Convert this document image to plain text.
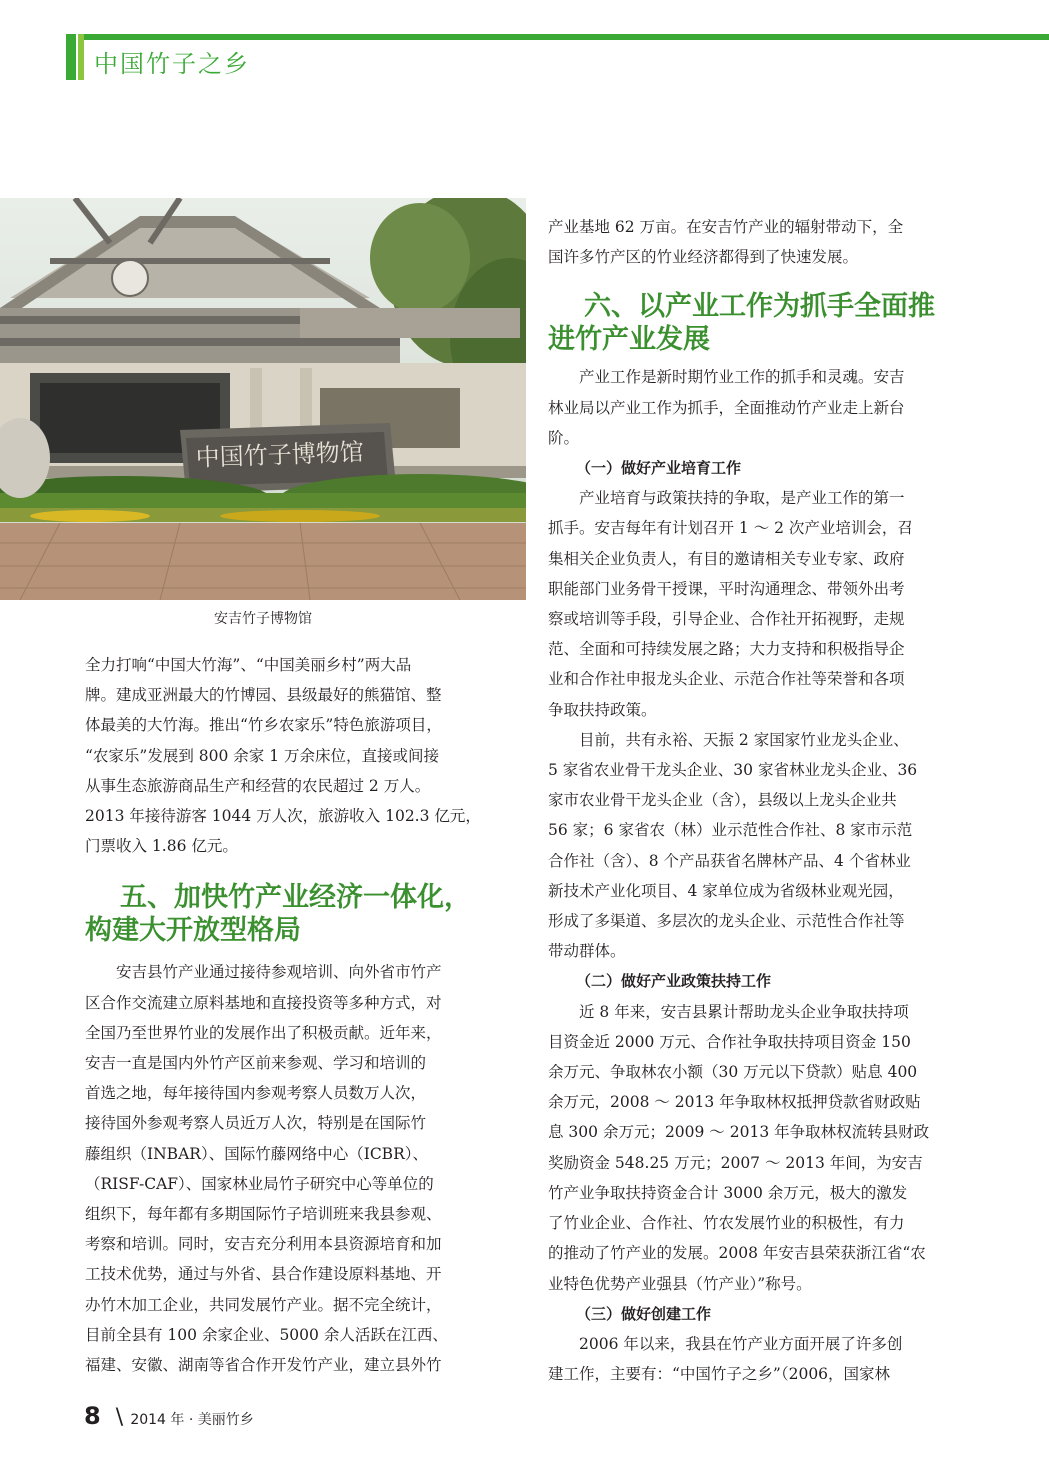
中国竹子之乡
中国竹子博物馆
安吉竹子博物馆

全力打响“中国大竹海”、“中国美丽乡村”两大品

牌。建成亚洲最大的竹博园、县级最好的熊猫馆、整

体最美的大竹海。推出“竹乡农家乐”特色旅游项目，

“农家乐”发展到 800 余家 1 万余床位，直接或间接

从事生态旅游商品生产和经营的农民超过 2 万人。

2013 年接待游客 1044 万人次，旅游收入 102.3 亿元，

门票收入 1.86 亿元。

五、加快竹产业经济一体化，
构建大开放型格局

安吉县竹产业通过接待参观培训、向外省市竹产

区合作交流建立原料基地和直接投资等多种方式，对

全国乃至世界竹业的发展作出了积极贡献。近年来，

安吉一直是国内外竹产区前来参观、学习和培训的

首选之地，每年接待国内参观考察人员数万人次，

接待国外参观考察人员近万人次，特别是在国际竹

藤组织（INBAR）、国际竹藤网络中心（ICBR）、

（RISF-CAF）、国家林业局竹子研究中心等单位的

组织下，每年都有多期国际竹子培训班来我县参观、

考察和培训。同时，安吉充分利用本县资源培育和加

工技术优势，通过与外省、县合作建设原料基地、开

办竹木加工企业，共同发展竹产业。据不完全统计，

目前全县有 100 余家企业、5000 余人活跃在江西、

福建、安徽、湖南等省合作开发竹产业，建立县外竹

产业基地 62 万亩。在安吉竹产业的辐射带动下，全

国许多竹产区的竹业经济都得到了快速发展。

六、以产业工作为抓手全面推
进竹产业发展

产业工作是新时期竹业工作的抓手和灵魂。安吉

林业局以产业工作为抓手，全面推动竹产业走上新台

阶。

（一）做好产业培育工作

产业培育与政策扶持的争取，是产业工作的第一

抓手。安吉每年有计划召开 1 ～ 2 次产业培训会，召

集相关企业负责人，有目的邀请相关专业专家、政府

职能部门业务骨干授课，平时沟通理念、带领外出考

察或培训等手段，引导企业、合作社开拓视野，走规

范、全面和可持续发展之路；大力支持和积极指导企

业和合作社申报龙头企业、示范合作社等荣誉和各项

争取扶持政策。

目前，共有永裕、天振 2 家国家竹业龙头企业、

5 家省农业骨干龙头企业、30 家省林业龙头企业、36

家市农业骨干龙头企业（含），县级以上龙头企业共

56 家；6 家省农（林）业示范性合作社、8 家市示范

合作社（含）、8 个产品获省名牌林产品、4 个省林业

新技术产业化项目、4 家单位成为省级林业观光园，

形成了多渠道、多层次的龙头企业、示范性合作社等

带动群体。

（二）做好产业政策扶持工作

近 8 年来，安吉县累计帮助龙头企业争取扶持项

目资金近 2000 万元、合作社争取扶持项目资金 150

余万元、争取林农小额（30 万元以下贷款）贴息 400

余万元，2008 ～ 2013 年争取林权抵押贷款省财政贴

息 300 余万元；2009 ～ 2013 年争取林权流转县财政

奖励资金 548.25 万元；2007 ～ 2013 年间，为安吉

竹产业争取扶持资金合计 3000 余万元，极大的激发

了竹业企业、合作社、竹农发展竹业的积极性，有力

的推动了竹产业的发展。2008 年安吉县荣获浙江省“农

业特色优势产业强县（竹产业）”称号。

（三）做好创建工作

2006 年以来，我县在竹产业方面开展了许多创

建工作，主要有：“中国竹子之乡”（2006，国家林

8 \ 2014 年 · 美丽竹乡
